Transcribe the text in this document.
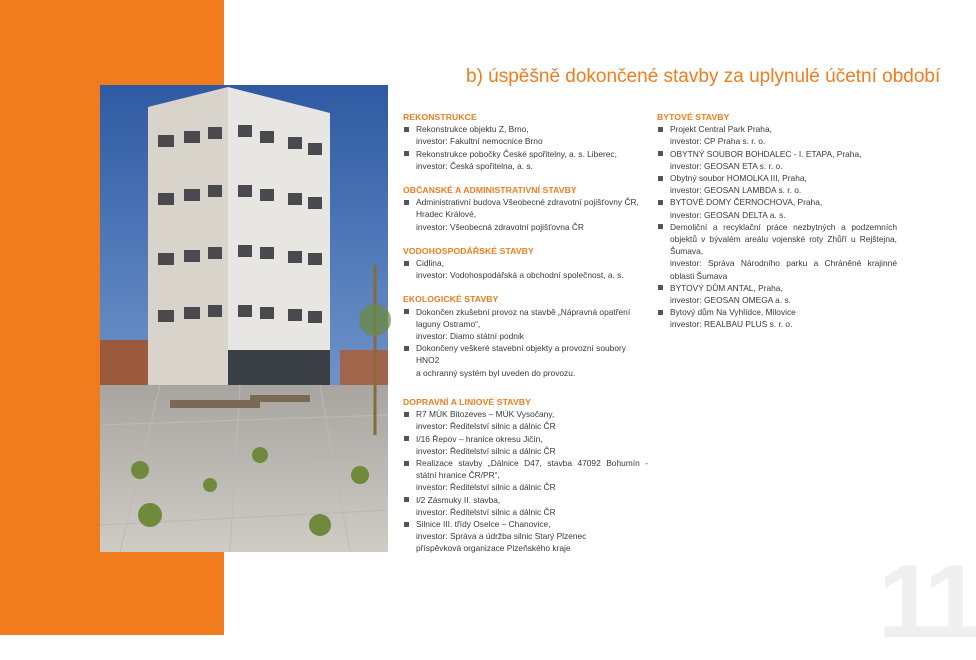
b) úspěšně dokončené stavby za uplynulé účetní období
REKONSTRUKCE
Rekonstrukce objektu Z, Brno,
investor: Fakultní nemocnice Brno
Rekonstrukce pobočky České spořitelny, a. s. Liberec,
investor: Česká spořitelna, a. s.
OBČANSKÉ A ADMINISTRATIVNÍ STAVBY
Administrativní budova Všeobecné zdravotní pojišťovny ČR,
Hradec Králové,
investor: Všeobecná zdravotní pojišťovna ČR
VODOHOSPODÁŘSKÉ STAVBY
Cidlina,
investor: Vodohospodářská a obchodní společnost, a. s.
EKOLOGICKÉ STAVBY
Dokončen zkušební provoz na stavbě „Nápravná opatření
laguny Ostramo“,
investor: Diamo státní podnik
Dokončeny veškeré stavební objekty a provozní soubory HNO2
a ochranný systém byl uveden do provozu.
BYTOVÉ STAVBY
Projekt Central Park Praha,
investor: CP Praha s. r. o.
OBYTNÝ SOUBOR BOHDALEC - I. ETAPA, Praha,
investor: GEOSAN ETA s. r. o.
Obytný soubor HOMOLKA III, Praha,
investor: GEOSAN LAMBDA s. r. o.
BYTOVÉ DOMY ČERNOCHOVA, Praha,
investor: GEOSAN DELTA a. s.
Demoliční a recyklační práce nezbytných a podzemních objektů v bývalém areálu vojenské roty Zhůří u Rejštejna, Šumava,
investor: Správa Národního parku a Chráněné krajinné oblasti Šumava
BYTOVÝ DŮM ANTAL, Praha,
investor: GEOSAN OMEGA a. s.
Bytový dům Na Vyhlídce, Milovice
investor: REALBAU PLUS s. r. o.
DOPRAVNÍ A LINIOVÉ STAVBY
R7 MÚK Bitozeves – MÚK Vysočany,
investor: Ředitelství silnic a dálnic ČR
I/16 Řepov – hranice okresu Jičín,
investor: Ředitelství silnic a dálnic ČR
Realizace stavby „Dálnice D47, stavba 47092 Bohumín - státní hranice ČR/PR“,
investor: Ředitelství silnic a dálnic ČR
I/2 Zásmuky II. stavba,
investor: Ředitelství silnic a dálnic ČR
Silnice III. třídy Oselce – Chanovice,
investor: Správa a údržba silnic Starý Plzenec
příspěvková organizace Plzeňského kraje	11
